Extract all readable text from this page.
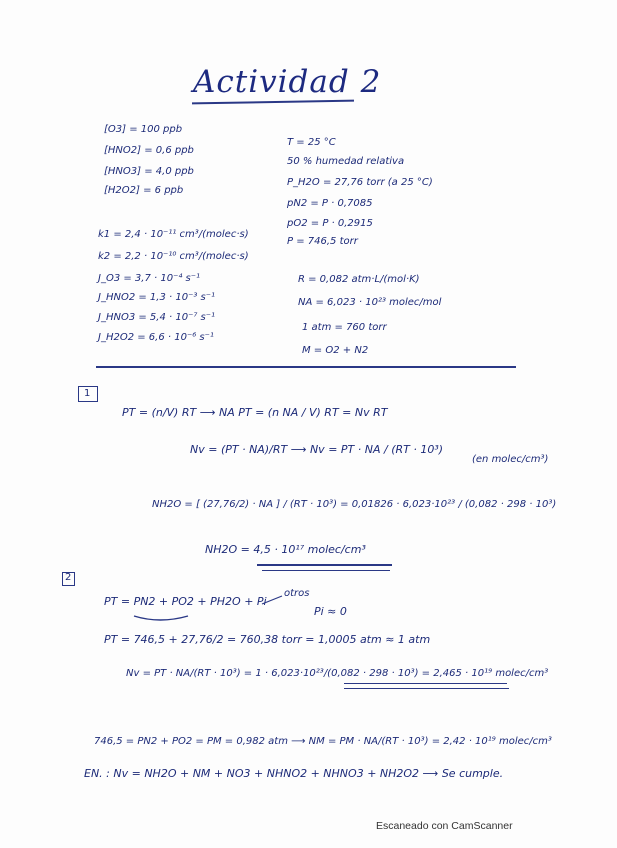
Actividad 2
[O3] = 100 ppb
[HNO2] = 0,6 ppb
[HNO3] = 4,0 ppb
[H2O2] = 6 ppb
k1 = 2,4 · 10⁻¹¹ cm³/(molec·s)
k2 = 2,2 · 10⁻¹⁰ cm³/(molec·s)
J_O3 = 3,7 · 10⁻⁴ s⁻¹
J_HNO2 = 1,3 · 10⁻³ s⁻¹
J_HNO3 = 5,4 · 10⁻⁷ s⁻¹
J_H2O2 = 6,6 · 10⁻⁶ s⁻¹
T = 25 °C
50 % humedad relativa
P_H2O = 27,76 torr (a 25 °C)
pN2 = P · 0,7085
pO2 = P · 0,2915
P = 746,5 torr
R = 0,082 atm·L/(mol·K)
NA = 6,023 · 10²³ molec/mol
1 atm = 760 torr
M = O2 + N2
1
PT = (n/V) RT ⟶ NA PT = (n NA / V) RT = Nv RT
Nv = (PT · NA)/RT ⟶ Nv = PT · NA / (RT · 10³)
(en molec/cm³)
NH2O = [ (27,76/2) · NA ] / (RT · 10³) = 0,01826 · 6,023·10²³ / (0,082 · 298 · 10³)
NH2O = 4,5 · 10¹⁷ molec/cm³
2
PT = PN2 + PO2 + PH2O + Pi
otros
Pi ≈ 0
PT = 746,5 + 27,76/2 = 760,38 torr = 1,0005 atm ≈ 1 atm
Nv = PT · NA/(RT · 10³) = 1 · 6,023·10²³/(0,082 · 298 · 10³) = 2,465 · 10¹⁹ molec/cm³
746,5 = PN2 + PO2 = PM = 0,982 atm ⟶ NM = PM · NA/(RT · 10³) = 2,42 · 10¹⁹ molec/cm³
EN. : Nv = NH2O + NM + NO3 + NHNO2 + NHNO3 + NH2O2 ⟶ Se cumple.
Escaneado con CamScanner
